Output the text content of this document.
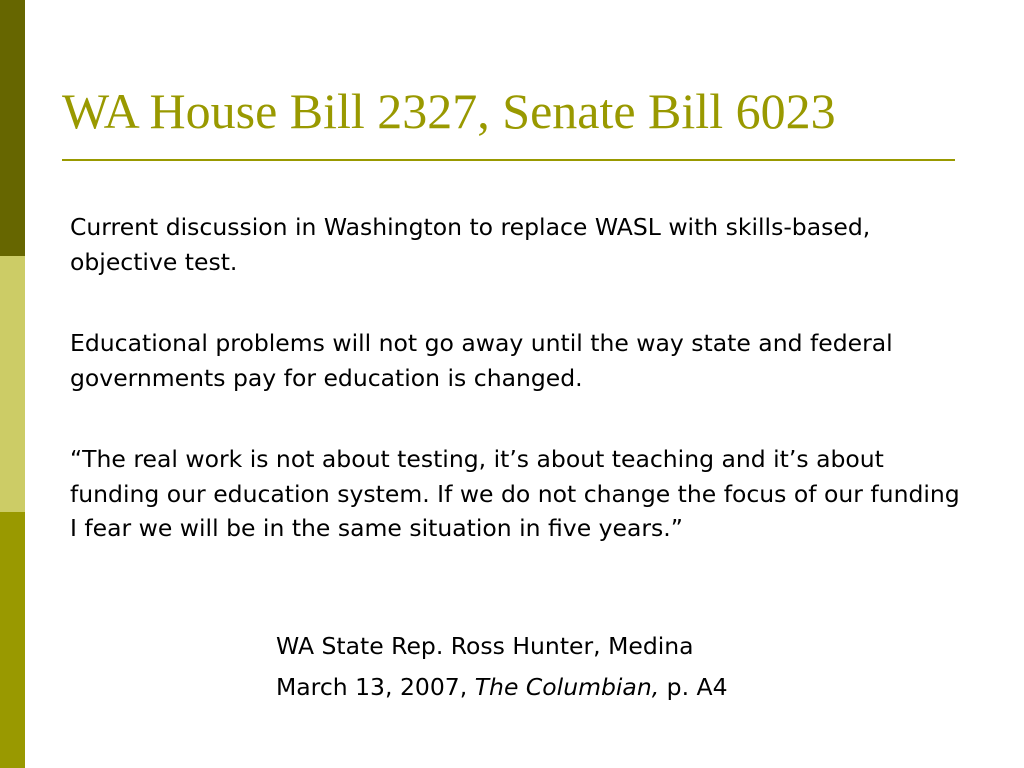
WA House Bill 2327, Senate Bill 6023

Current discussion in Washington to replace WASL with skills-based, objective test.

Educational problems will not go away until the way state and federal governments pay for education is changed.

“The real work is not about testing, it’s about teaching and it’s about funding our education system. If we do not change the focus of our funding I fear we will be in the same situation in five years.”

WA State Rep. Ross Hunter, Medina
March 13, 2007, The Columbian, p. A4
